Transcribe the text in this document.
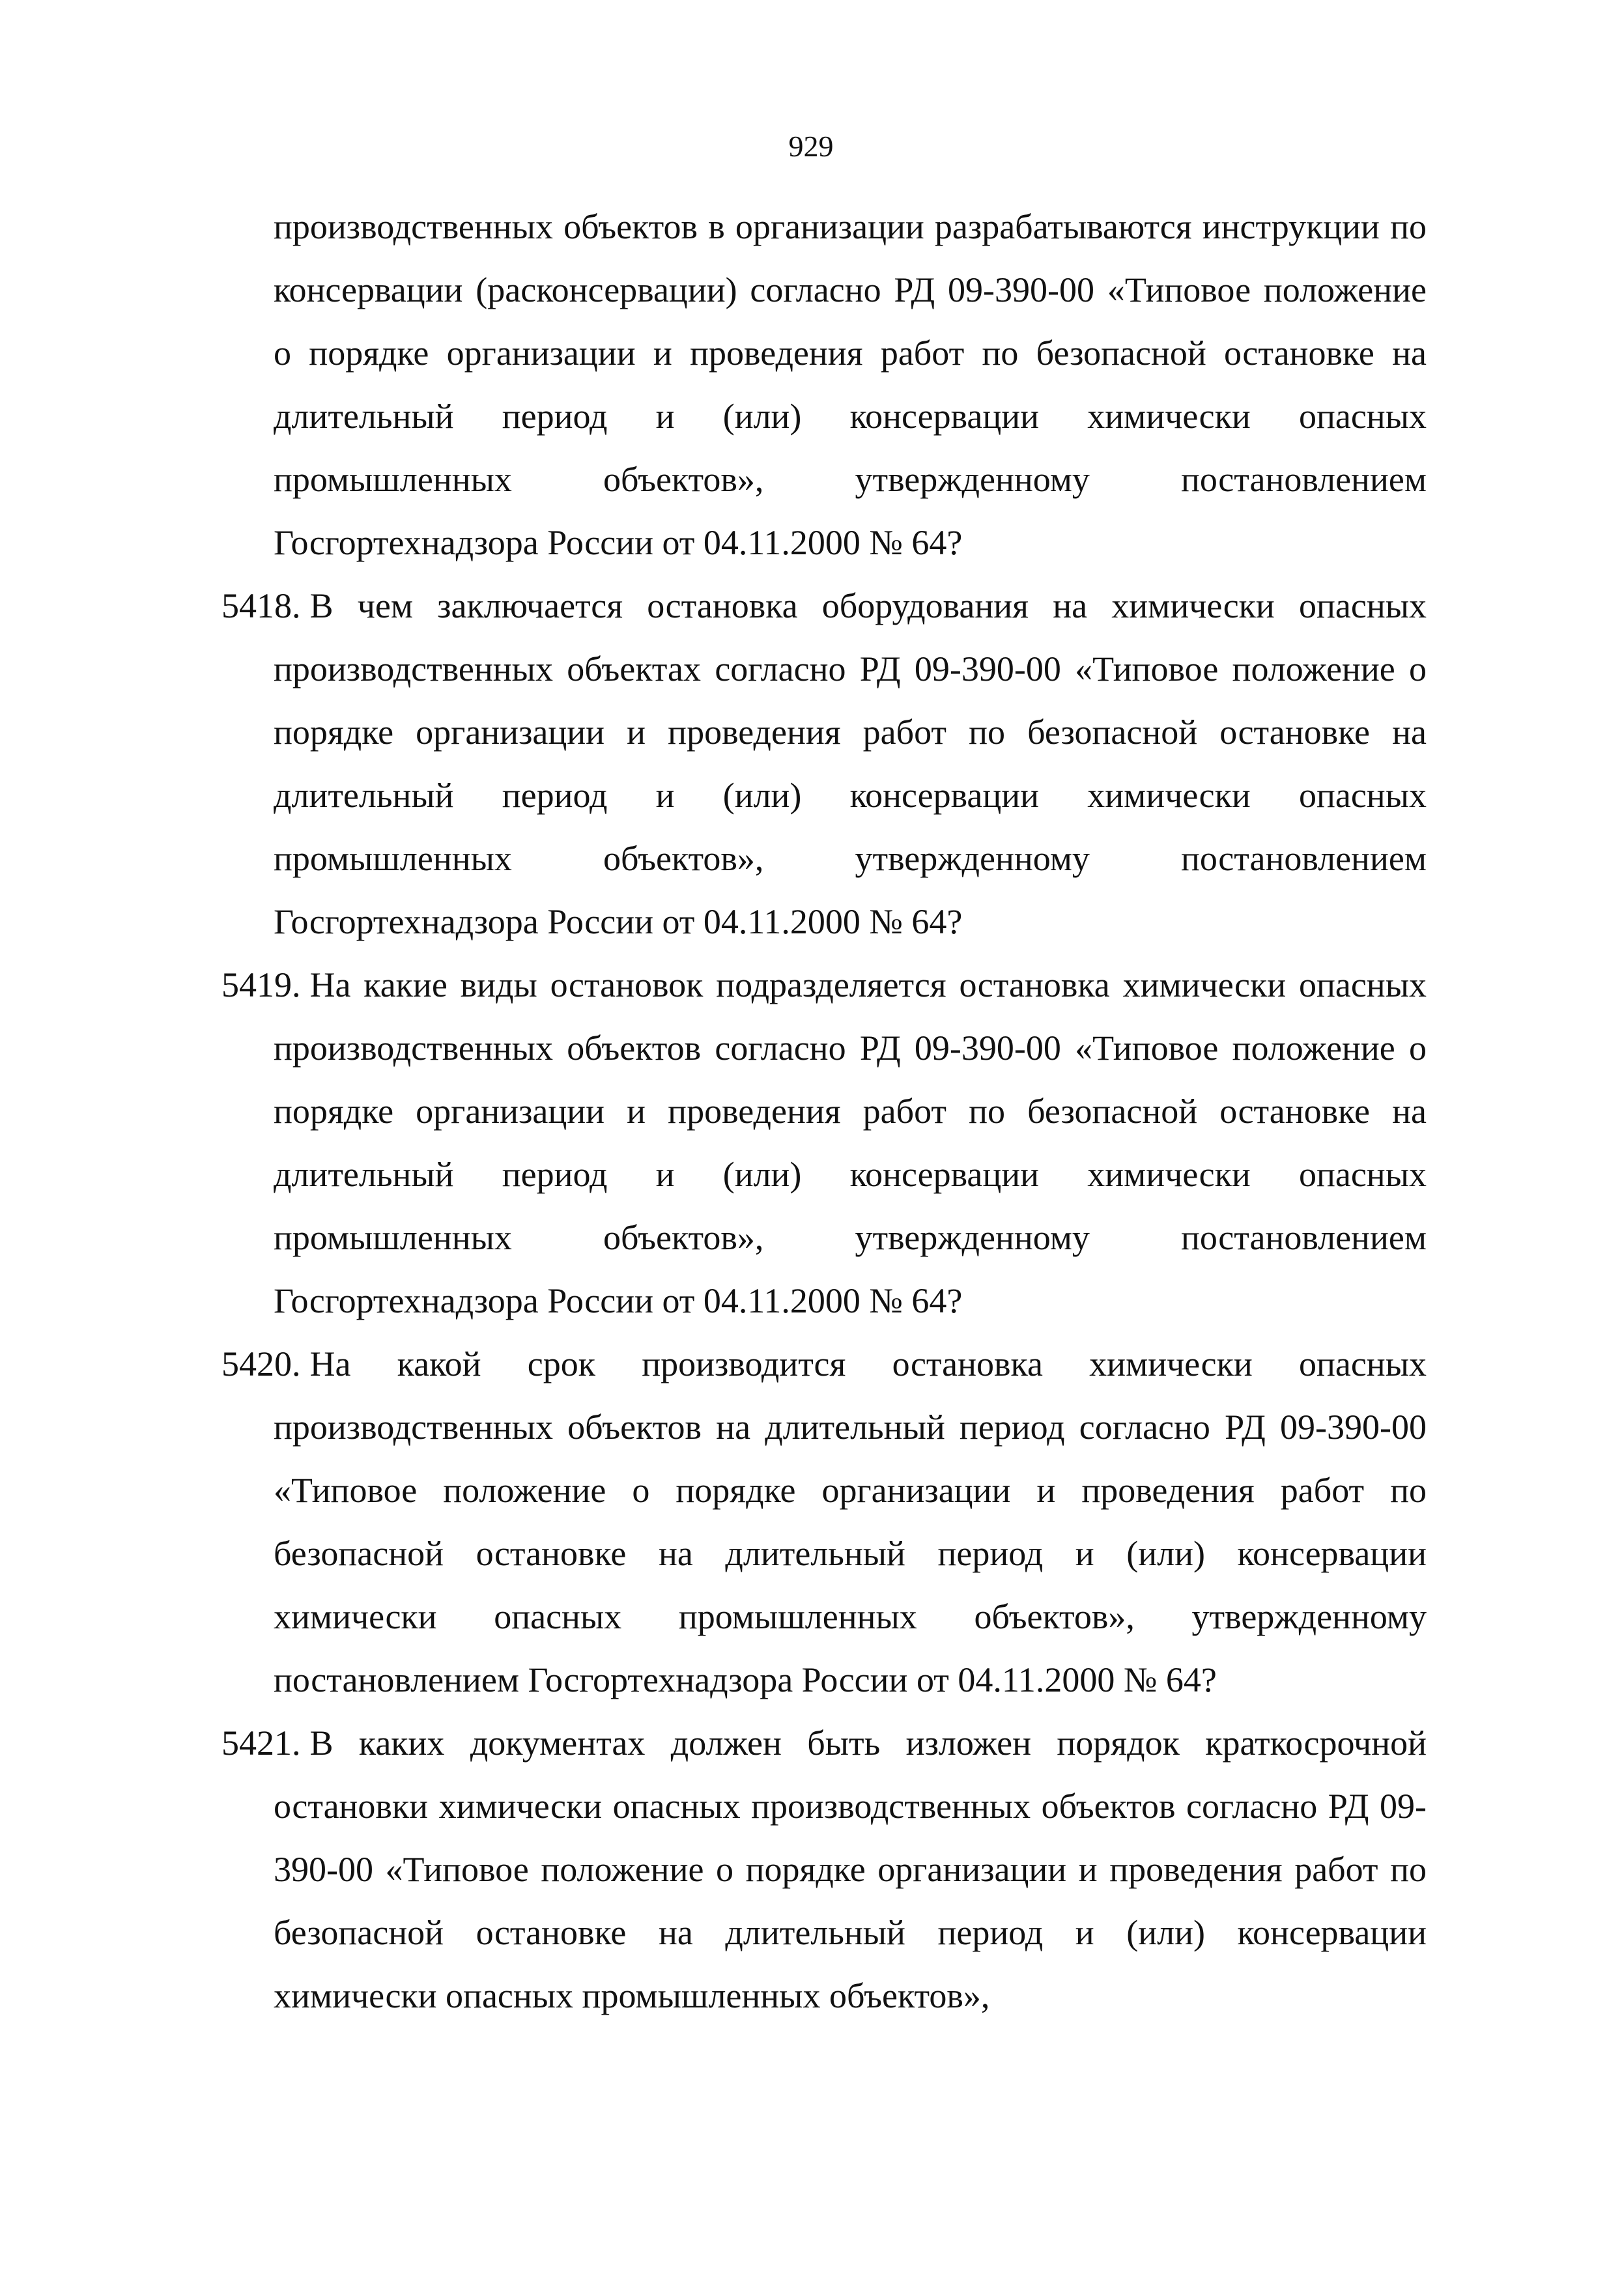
929

производственных объектов в организации разрабатываются инструкции по консервации (расконсервации) согласно РД 09-390-00 «Типовое положение о порядке организации и проведения работ по безопасной остановке на длительный период и (или) консервации химически опасных промышленных объектов», утвержденному постановлением Госгортехнадзора России от 04.11.2000 № 64?

5418. В чем заключается остановка оборудования на химически опасных производственных объектах согласно РД 09-390-00 «Типовое положение о порядке организации и проведения работ по безопасной остановке на длительный период и (или) консервации химически опасных промышленных объектов», утвержденному постановлением Госгортехнадзора России от 04.11.2000 № 64?
5419. На какие виды остановок подразделяется остановка химически опасных производственных объектов согласно РД 09-390-00 «Типовое положение о порядке организации и проведения работ по безопасной остановке на длительный период и (или) консервации химически опасных промышленных объектов», утвержденному постановлением Госгортехнадзора России от 04.11.2000 № 64?
5420. На какой срок производится остановка химически опасных производственных объектов на длительный период согласно РД 09-390-00 «Типовое положение о порядке организации и проведения работ по безопасной остановке на длительный период и (или) консервации химически опасных промышленных объектов», утвержденному постановлением Госгортехнадзора России от 04.11.2000 № 64?
5421. В каких документах должен быть изложен порядок краткосрочной остановки химически опасных производственных объектов согласно РД 09-390-00 «Типовое положение о порядке организации и проведения работ по безопасной остановке на длительный период и (или) консервации химически опасных промышленных объектов»,
